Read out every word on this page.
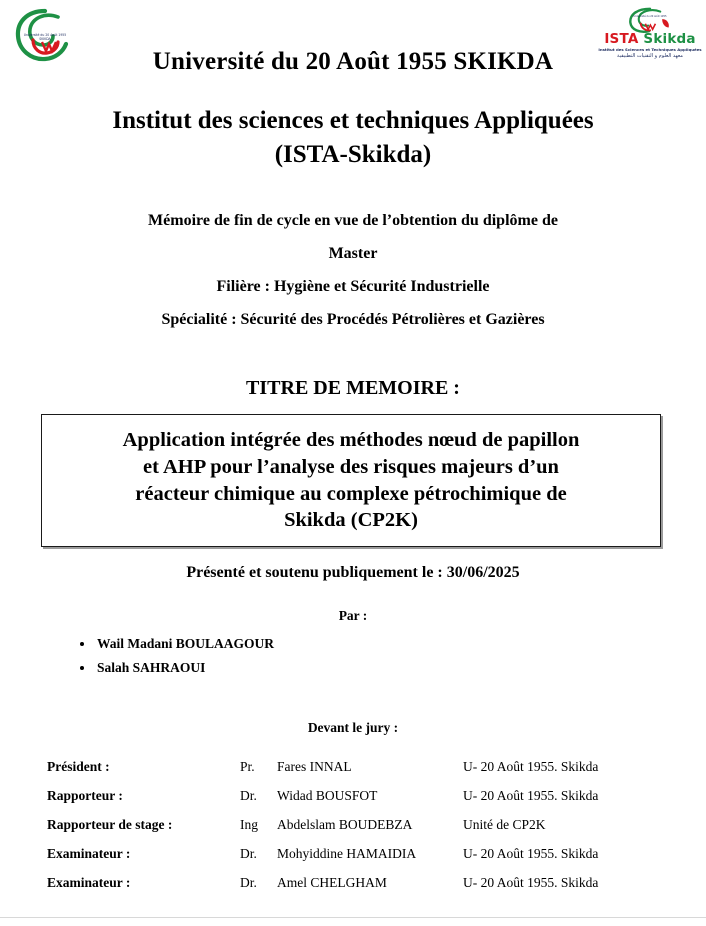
Université du 20 Août 1955
SKIKDA
Université du 20 Août 1955
ISTA Skikda
Institut des Sciences et Techniques Appliquées
معهد العلوم و التقنيات التطبيقية
Université du 20 Août 1955 SKIKDA
Institut des sciences et techniques Appliquées
(ISTA-Skikda)
Mémoire de fin de cycle en vue de l’obtention du diplôme de
Master
Filière : Hygiène et Sécurité Industrielle
Spécialité : Sécurité des Procédés Pétrolières et Gazières
TITRE DE MEMOIRE :
Application intégrée des méthodes nœud de papillon
et AHP pour l’analyse des risques majeurs d’un
réacteur chimique au complexe pétrochimique de
Skikda (CP2K)
Présenté et soutenu publiquement le : 30/06/2025
Par :
• Wail Madani BOULAAGOUR
• Salah SAHRAOUI
Devant le jury :
Président :	Pr.	Fares INNAL	U- 20 Août 1955. Skikda
Rapporteur :	Dr.	Widad BOUSFOT	U- 20 Août 1955. Skikda
Rapporteur de stage :	Ing	Abdelslam BOUDEBZA	Unité de CP2K
Examinateur :	Dr.	Mohyiddine HAMAIDIA	U- 20 Août 1955. Skikda
Examinateur :	Dr.	Amel CHELGHAM	U- 20 Août 1955. Skikda
